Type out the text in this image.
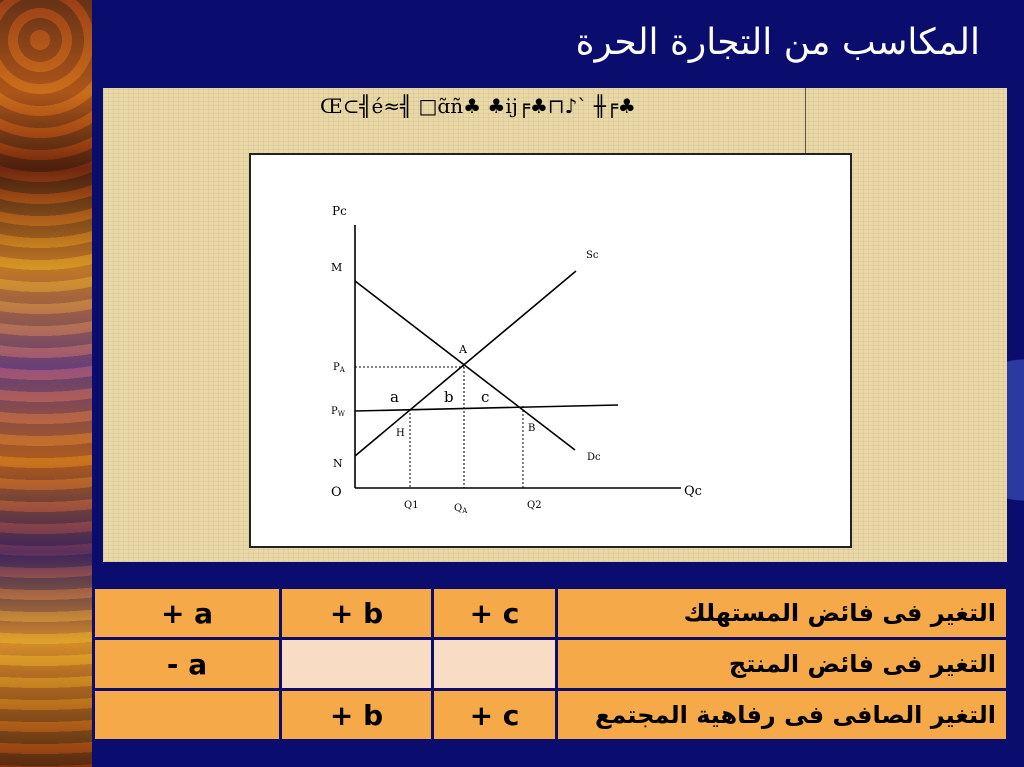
المكاسب من التجارة الحرة
Œ⊂╣é≈╣ □ɑ̃ñ♣ ♣ij╒♣⊓♪` ╫╒♣
Pc
Qc
O
M
$P_A$
$P_W$
N
Q1	$Q_A$	Q2
Sc
Dc
A
B
H
a	b c
+ a	+ b	+ c	التغير فى فائض المستهلك
- a			التغير فى فائض المنتج
	+ b	+ c	التغير الصافى فى رفاهية المجتمع
